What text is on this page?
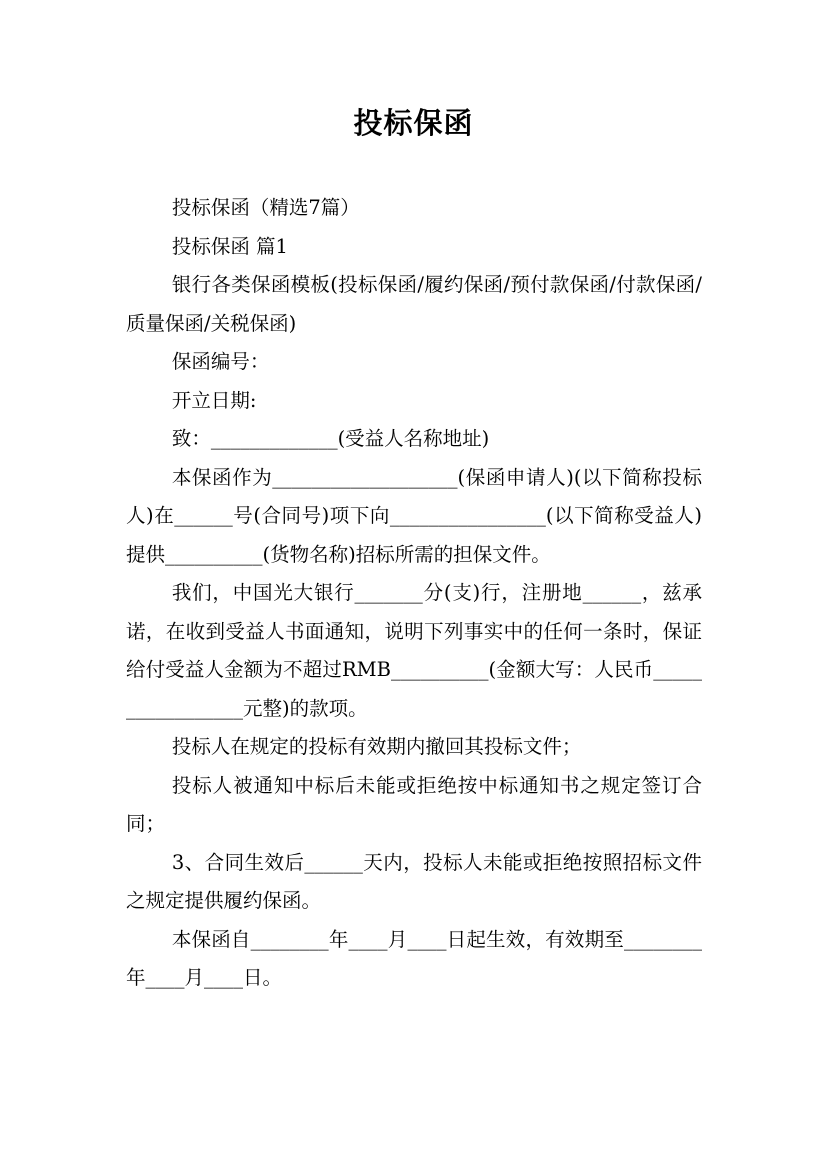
投标保函

投标保函（精选7篇）

投标保函 篇1

银行各类保函模板(投标保函/履约保函/预付款保函/付款保函/质量保函/关税保函)

保函编号：

开立日期:

致：_____________(受益人名称地址)

本保函作为___________________(保函申请人)(以下简称投标人)在______号(合同号)项下向________________(以下简称受益人)提供__________(货物名称)招标所需的担保文件。

我们，中国光大银行_______分(支)行，注册地______，兹承诺，在收到受益人书面通知，说明下列事实中的任何一条时，保证给付受益人金额为不超过RMB__________(金额大写：人民币_________________元整)的款项。

投标人在规定的投标有效期内撤回其投标文件；

投标人被通知中标后未能或拒绝按中标通知书之规定签订合同；

3、合同生效后______天内，投标人未能或拒绝按照招标文件之规定提供履约保函。

本保函自________年____月____日起生效，有效期至________年____月____日。
